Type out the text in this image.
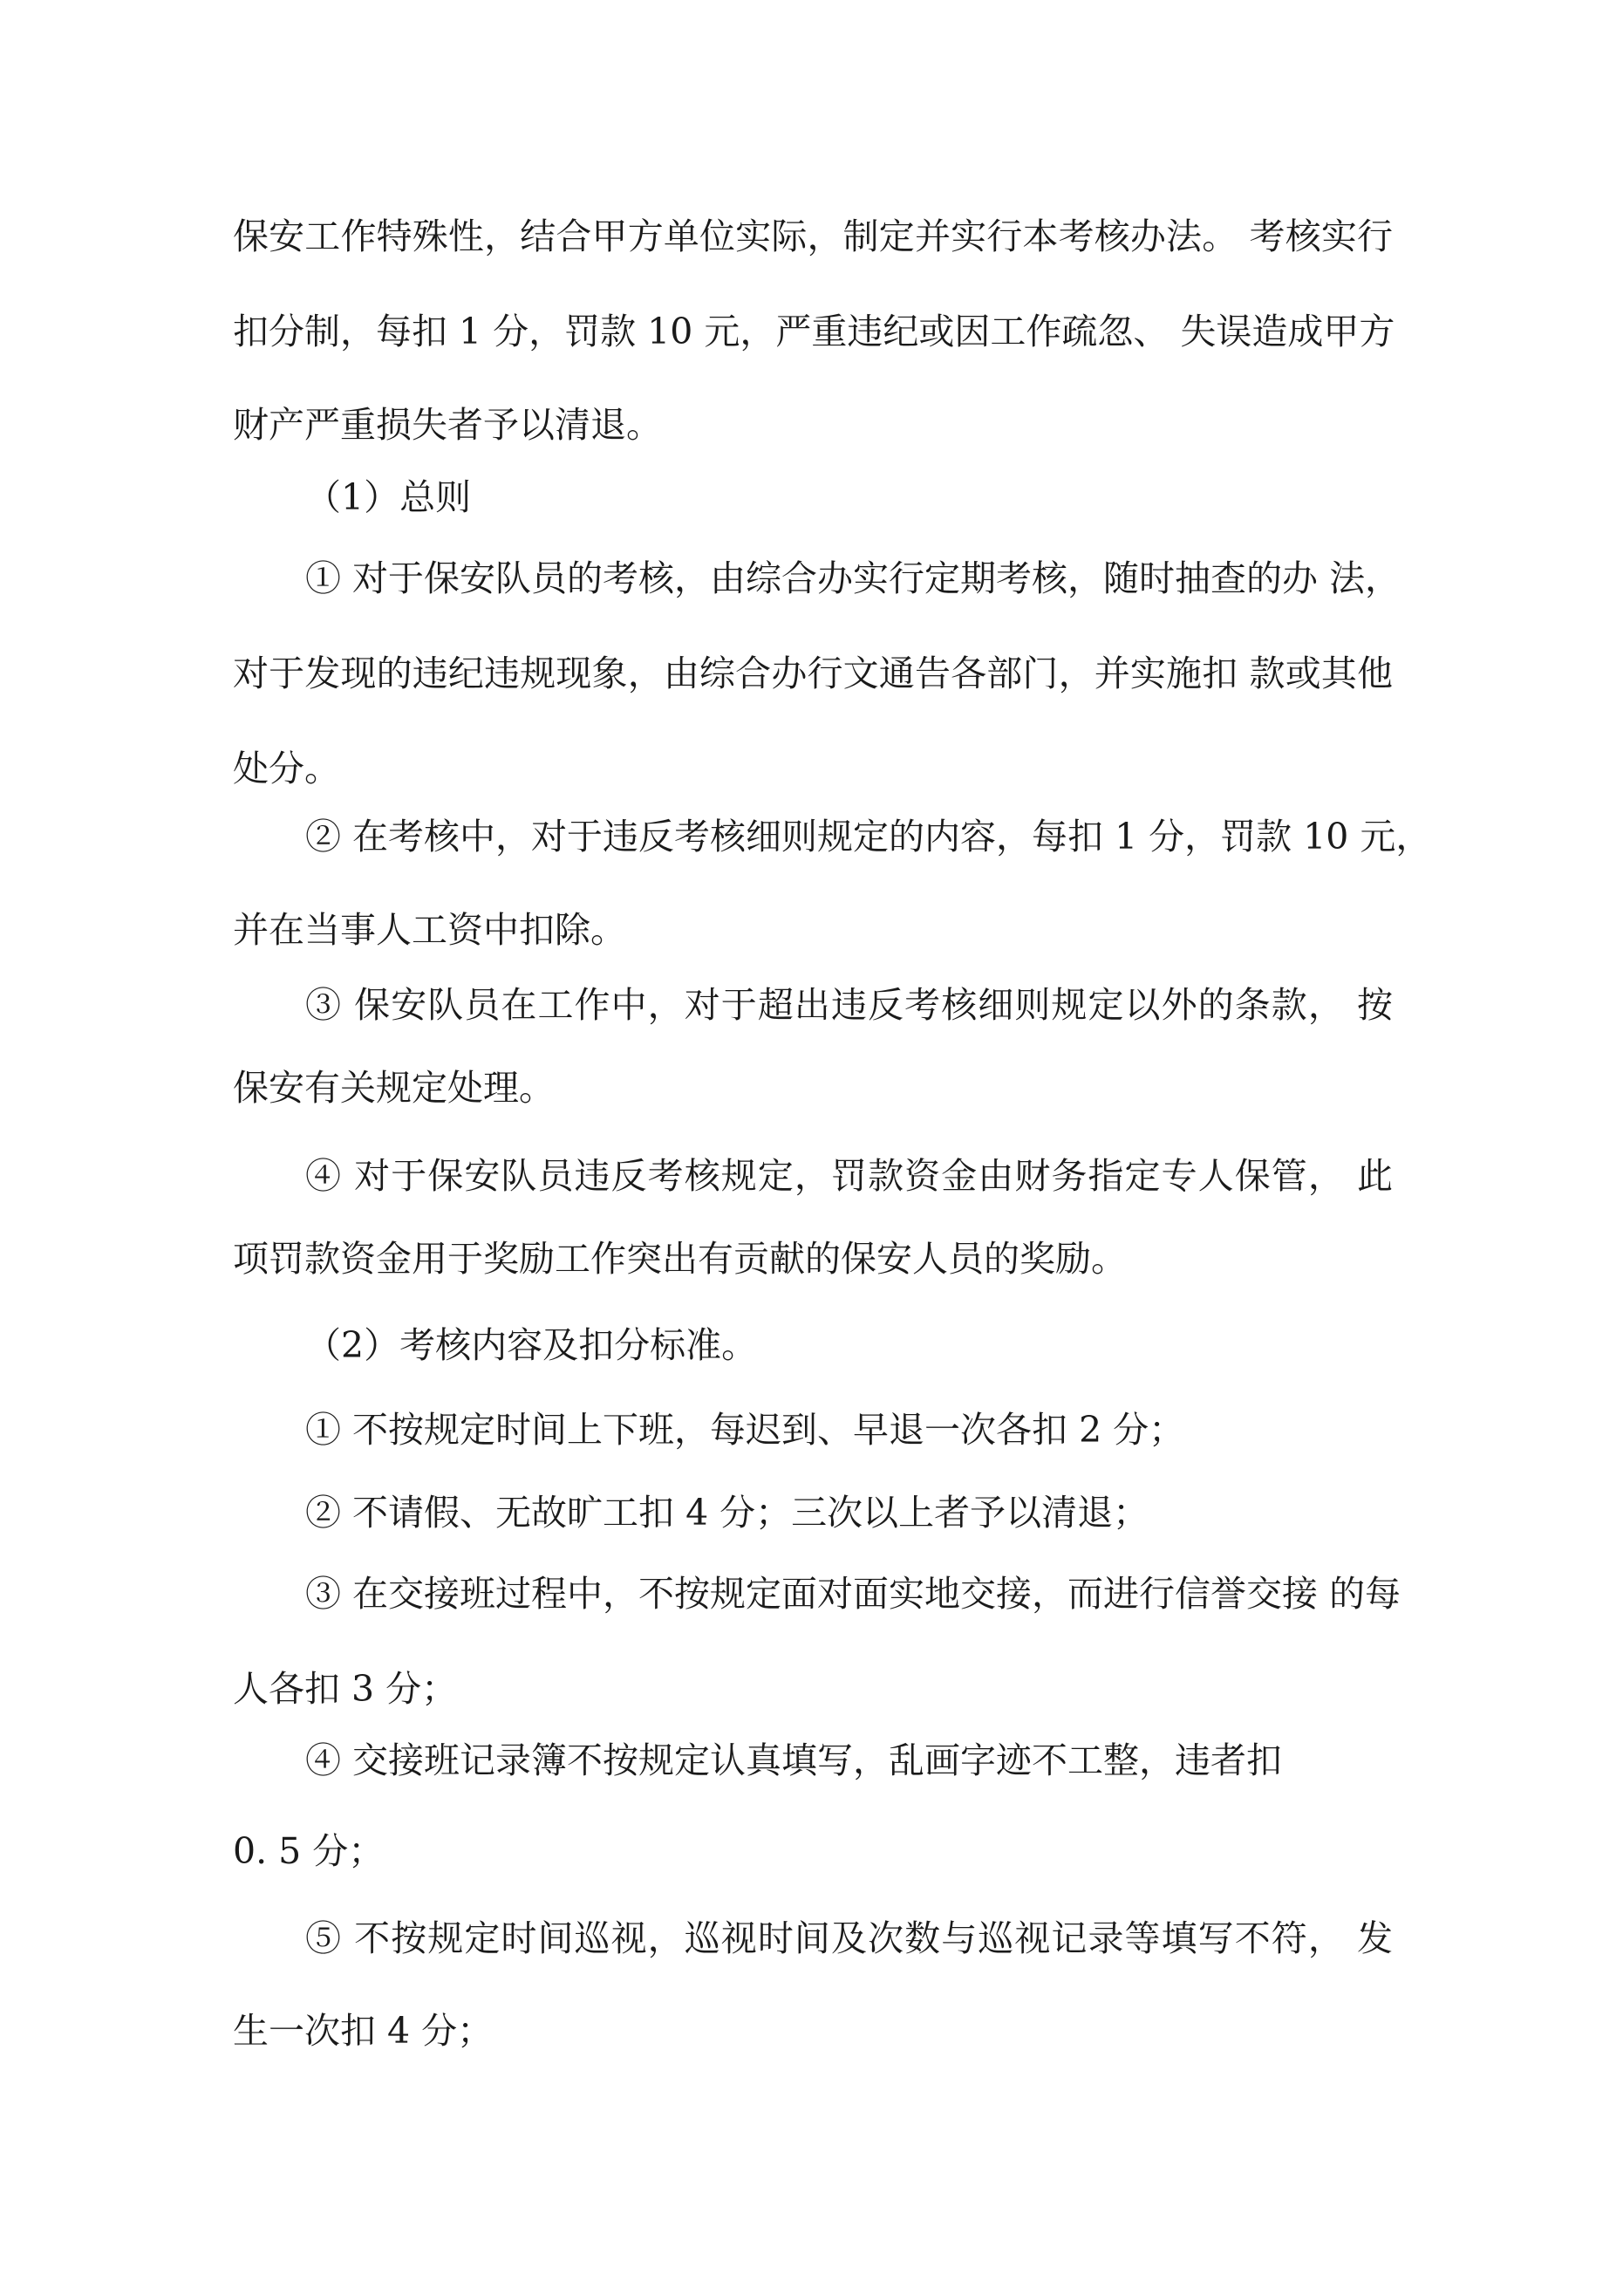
保安工作特殊性，结合甲方单位实际，制定并实行本考核办法。 考核实行

扣分制，每扣 1 分，罚款 10 元，严重违纪或因工作疏忽、 失误造成甲方

财产严重损失者予以清退。

（1）总则

① 对于保安队员的考核，由综合办实行定期考核，随时抽查的办 法，

对于发现的违纪违规现象，由综合办行文通告各部门，并实施扣 款或其他

处分。

② 在考核中，对于违反考核细则规定的内容，每扣 1 分，罚款 10 元，

并在当事人工资中扣除。

③ 保安队员在工作中，对于超出违反考核细则规定以外的条款， 按

保安有关规定处理。

④ 对于保安队员违反考核规定，罚款资金由财务指定专人保管， 此

项罚款资金用于奖励工作突出有贡献的保安人员的奖励。

（2）考核内容及扣分标准。

① 不按规定时间上下班，每迟到、早退一次各扣 2 分；

② 不请假、无故旷工扣 4 分；三次以上者予以清退；

③ 在交接班过程中，不按规定面对面实地交接，而进行信誉交接 的每

人各扣 3 分；

④ 交接班记录簿不按规定认真填写，乱画字迹不工整，违者扣

0. 5 分；

⑤ 不按规定时间巡视，巡视时间及次数与巡视记录等填写不符， 发

生一次扣 4 分；
